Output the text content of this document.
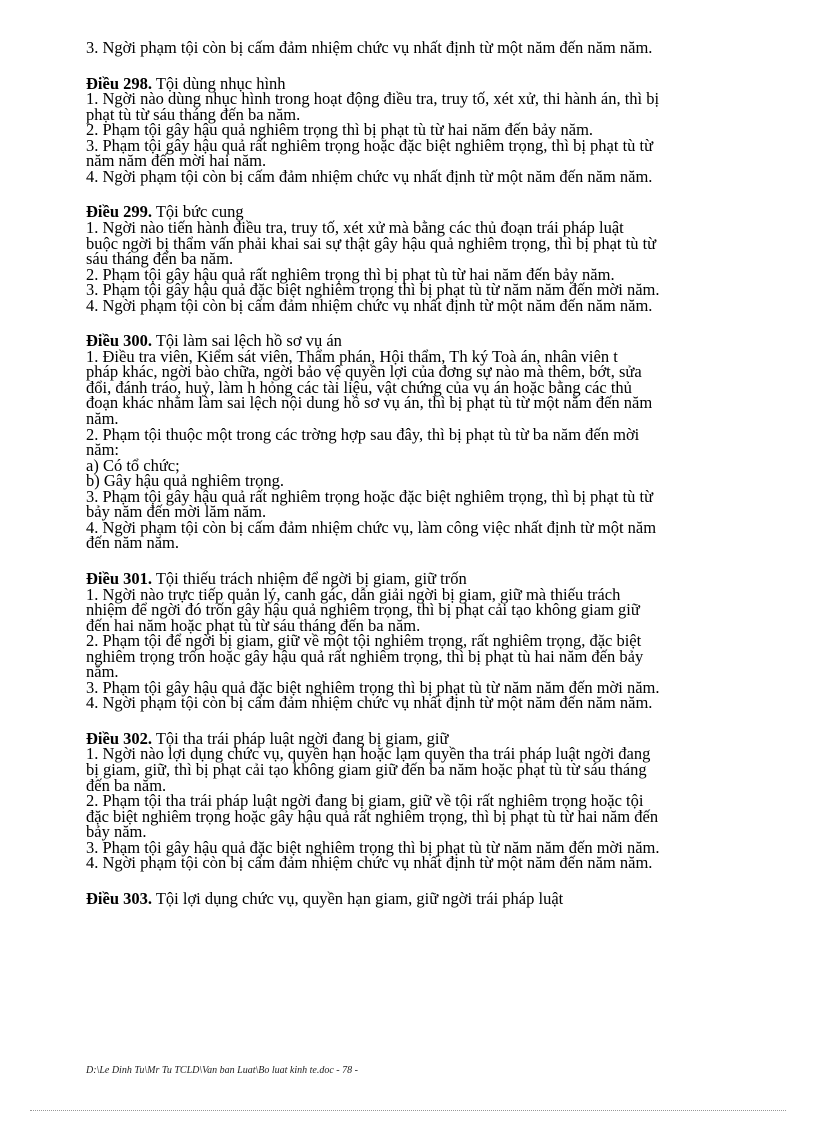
3. Ngời phạm tội còn bị cấm đảm nhiệm chức vụ nhất định từ một năm đến năm năm.
Điều 298. Tội dùng nhục hình
1. Ngời nào dùng nhục hình trong hoạt động điều tra, truy tố, xét xử, thi hành án, thì bị
phạt tù từ sáu tháng đến ba năm.
2. Phạm tội gây hậu quả nghiêm trọng thì bị phạt tù từ hai năm đến bảy năm.
3. Phạm tội gây hậu quả rất nghiêm trọng hoặc đặc biệt nghiêm trọng, thì bị phạt tù từ
năm năm đến mời hai năm.
4. Ngời phạm tội còn bị cấm đảm nhiệm chức vụ nhất định từ một năm đến năm năm.
Điều 299. Tội bức cung
1. Ngời nào tiến hành điều tra, truy tố, xét xử mà bằng các thủ đoạn trái pháp luật
buộc ngời bị thẩm vấn phải khai sai sự thật gây hậu quả nghiêm trọng, thì bị phạt tù từ
sáu tháng đến ba năm.
2. Phạm tội gây hậu quả rất nghiêm trọng thì bị phạt tù từ hai năm đến bảy năm.
3. Phạm tội gây hậu quả đặc biệt nghiêm trọng thì bị phạt tù từ năm năm đến mời năm.
4. Ngời phạm tội còn bị cấm đảm nhiệm chức vụ nhất định từ một năm đến năm năm.
Điều 300. Tội làm sai lệch hồ sơ vụ án
1. Điều tra viên, Kiểm sát viên, Thẩm phán, Hội thẩm, Th ký Toà án, nhân viên t
pháp khác, ngời bào chữa, ngời bảo vệ quyền lợi của đơng sự nào mà thêm, bớt, sửa
đổi, đánh tráo, huỷ, làm h hỏng các tài liệu, vật chứng của vụ án hoặc bằng các thủ
đoạn khác nhằm làm sai lệch nội dung hồ sơ vụ án, thì bị phạt tù từ một năm đến năm
năm.
2. Phạm tội thuộc một trong các trờng hợp sau đây, thì bị phạt tù từ ba năm đến mời
năm:
a) Có tổ chức;
b) Gây hậu quả nghiêm trọng.
3. Phạm tội gây hậu quả rất nghiêm trọng hoặc đặc biệt nghiêm trọng, thì bị phạt tù từ
bảy năm đến mời lăm năm.
4. Ngời phạm tội còn bị cấm đảm nhiệm chức vụ, làm công việc nhất định từ một năm
đến năm năm.
Điều 301. Tội thiếu trách nhiệm để ngời bị giam, giữ trốn
1. Ngời nào trực tiếp quản lý, canh gác, dẫn giải ngời bị giam, giữ mà thiếu trách
nhiệm để ngời đó trốn gây hậu quả nghiêm trọng, thì bị phạt cải tạo không giam giữ
đến hai năm hoặc phạt tù từ sáu tháng đến ba năm.
2. Phạm tội để ngời bị giam, giữ về một tội nghiêm trọng, rất nghiêm trọng, đặc biệt
nghiêm trọng trốn hoặc gây hậu quả rất nghiêm trọng, thì bị phạt tù hai năm đến bảy
năm.
3. Phạm tội gây hậu quả đặc biệt nghiêm trọng thì bị phạt tù từ năm năm đến mời năm.
4. Ngời phạm tội còn bị cấm đảm nhiệm chức vụ nhất định từ một năm đến năm năm.
Điều 302. Tội tha trái pháp luật ngời đang bị giam, giữ
1. Ngời nào lợi dụng chức vụ, quyền hạn hoặc lạm quyền tha trái pháp luật ngời đang
bị giam, giữ, thì bị phạt cải tạo không giam giữ đến ba năm hoặc phạt tù từ sáu tháng
đến ba năm.
2. Phạm tội tha trái pháp luật ngời đang bị giam, giữ về tội rất nghiêm trọng hoặc tội
đặc biệt nghiêm trọng hoặc gây hậu quả rất nghiêm trọng, thì bị phạt tù từ hai năm đến
bảy năm.
3. Phạm tội gây hậu quả đặc biệt nghiêm trọng thì bị phạt tù từ năm năm đến mời năm.
4. Ngời phạm tội còn bị cấm đảm nhiệm chức vụ nhất định từ một năm đến năm năm.
Điều 303. Tội lợi dụng chức vụ, quyền hạn giam, giữ ngời trái pháp luật
D:\Le Dinh Tu\Mr Tu TCLD\Van ban Luat\Bo luat kinh te.doc - 78 -
